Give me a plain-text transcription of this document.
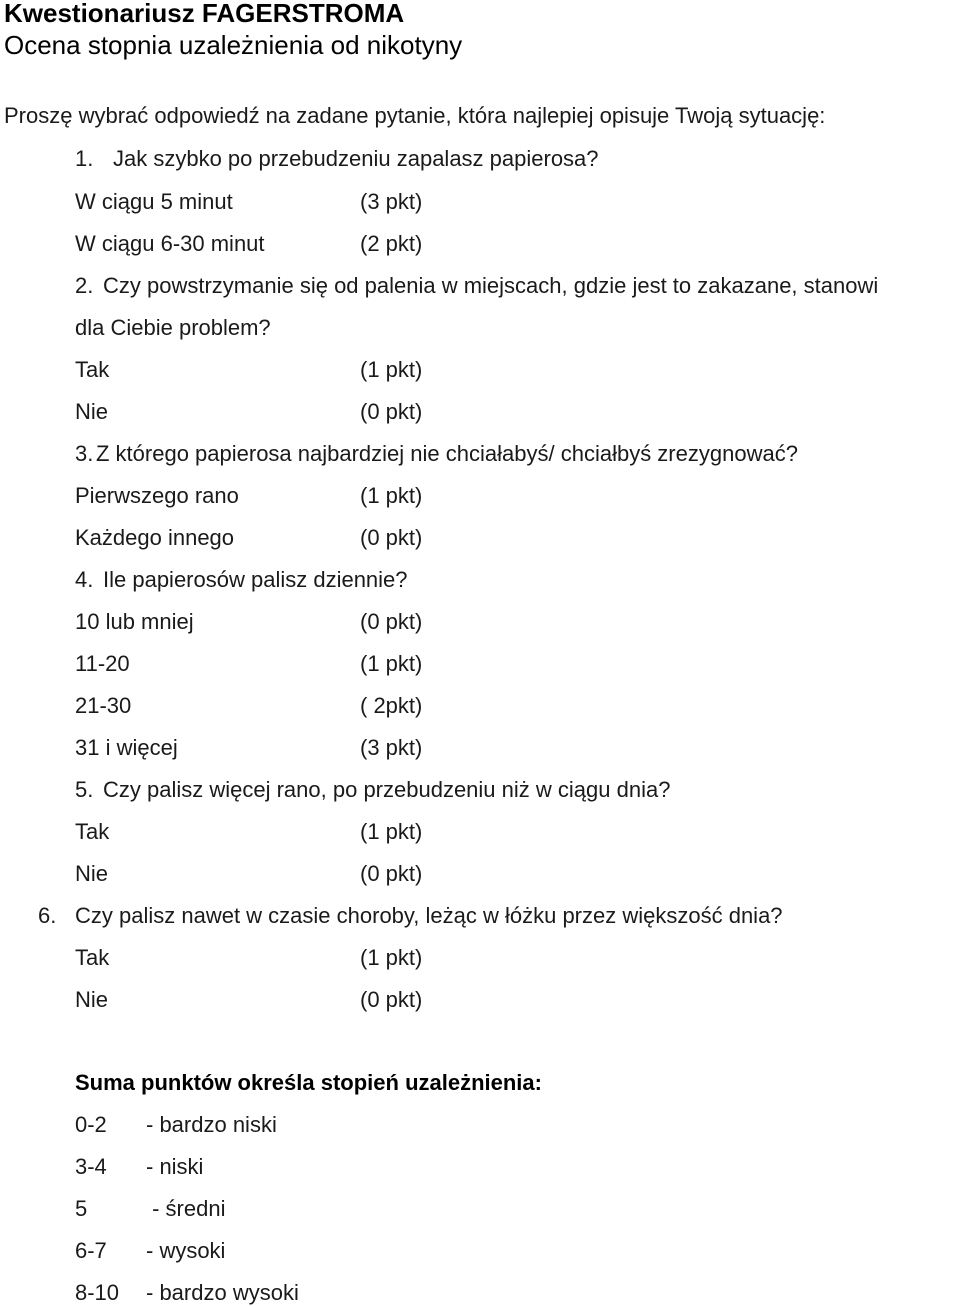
Kwestionariusz FAGERSTROMA
Ocena stopnia uzależnienia od nikotyny
Proszę wybrać odpowiedź na zadane pytanie, która najlepiej opisuje Twoją sytuację:
1. Jak szybko po przebudzeniu zapalasz papierosa?
W ciągu 5 minut	(3 pkt)
W ciągu 6-30 minut	(2 pkt)
2. Czy powstrzymanie się od palenia w miejscach, gdzie jest to zakazane, stanowi
dla Ciebie problem?
Tak	(1 pkt)
Nie	(0 pkt)
3. Z którego papierosa najbardziej nie chciałabyś/ chciałbyś zrezygnować?
Pierwszego rano	(1 pkt)
Każdego innego	(0 pkt)
4. Ile papierosów palisz dziennie?
10 lub mniej	(0 pkt)
11-20	(1 pkt)
21-30	( 2pkt)
31 i więcej	(3 pkt)
5. Czy palisz więcej rano, po przebudzeniu niż w ciągu dnia?
Tak	(1 pkt)
Nie	(0 pkt)
6. Czy palisz nawet w czasie choroby, leżąc w łóżku przez większość dnia?
Tak	(1 pkt)
Nie	(0 pkt)
Suma punktów określa stopień uzależnienia:
0-2 - bardzo niski
3-4 - niski
5	- średni
6-7 - wysoki
8-10 - bardzo wysoki
